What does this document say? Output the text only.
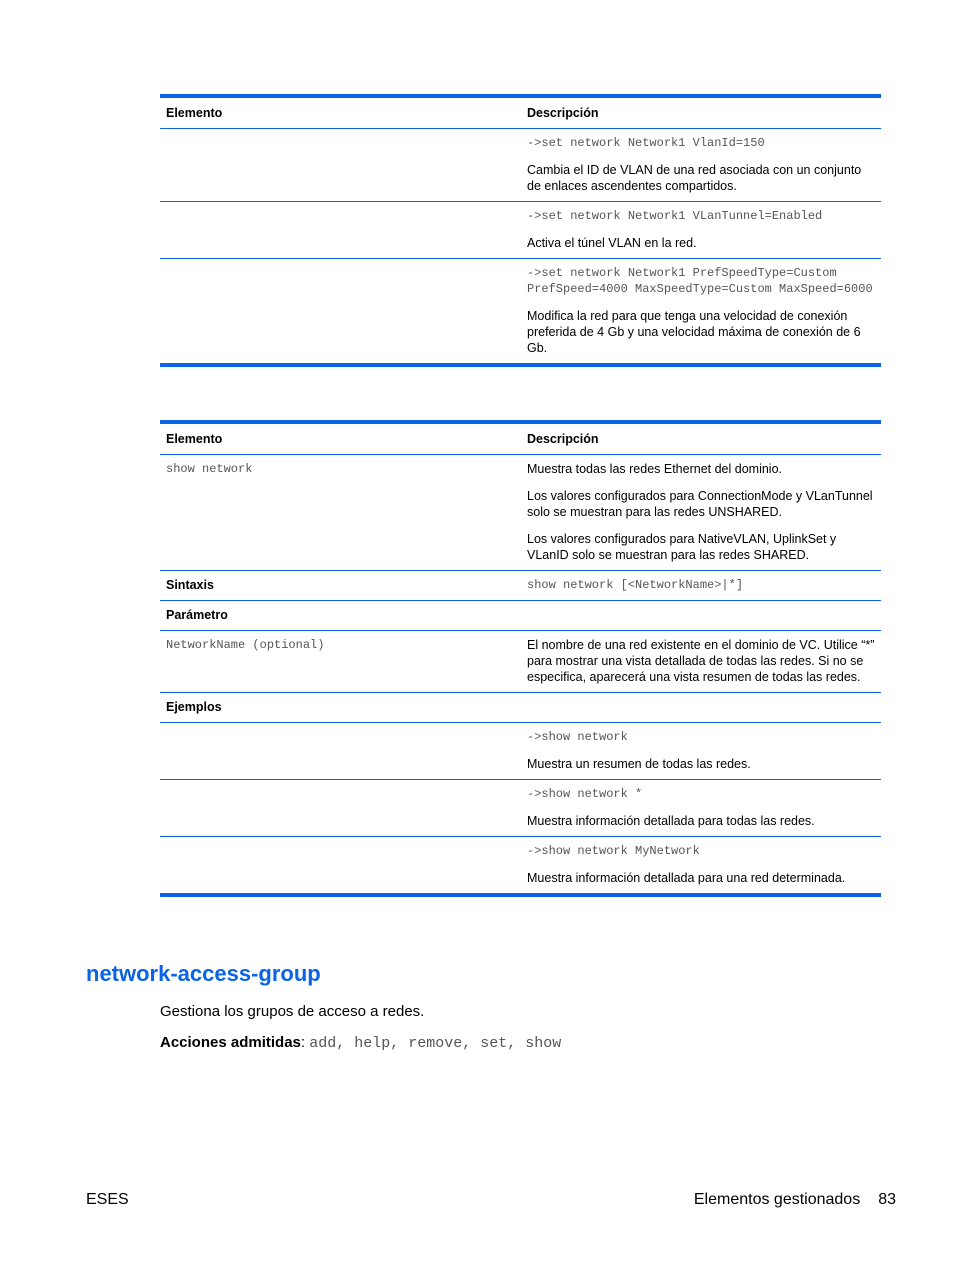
Elemento	Descripción

	->set network Network1 VlanId=150

Cambia el ID de VLAN de una red asociada con un conjunto de enlaces ascendentes compartidos.

	->set network Network1 VLanTunnel=Enabled

Activa el túnel VLAN en la red.

	->set network Network1 PrefSpeedType=Custom PrefSpeed=4000 MaxSpeedType=Custom MaxSpeed=6000

Modifica la red para que tenga una velocidad de conexión preferida de 4 Gb y una velocidad máxima de conexión de 6 Gb.

Elemento	Descripción

show network	Muestra todas las redes Ethernet del dominio.

Los valores configurados para ConnectionMode y VLanTunnel solo se muestran para las redes UNSHARED.

Los valores configurados para NativeVLAN, UplinkSet y VLanID solo se muestran para las redes SHARED.

Sintaxis	show network [<NetworkName>|*]

Parámetro	

NetworkName (optional)	El nombre de una red existente en el dominio de VC. Utilice “*” para mostrar una vista detallada de todas las redes. Si no se especifica, aparecerá una vista resumen de todas las redes.

Ejemplos	

	->show network

Muestra un resumen de todas las redes.

	->show network *

Muestra información detallada para todas las redes.

	->show network MyNetwork

Muestra información detallada para una red determinada.

network-access-group

Gestiona los grupos de acceso a redes.

Acciones admitidas: add, help, remove, set, show

ESES	Elementos gestionados 83
